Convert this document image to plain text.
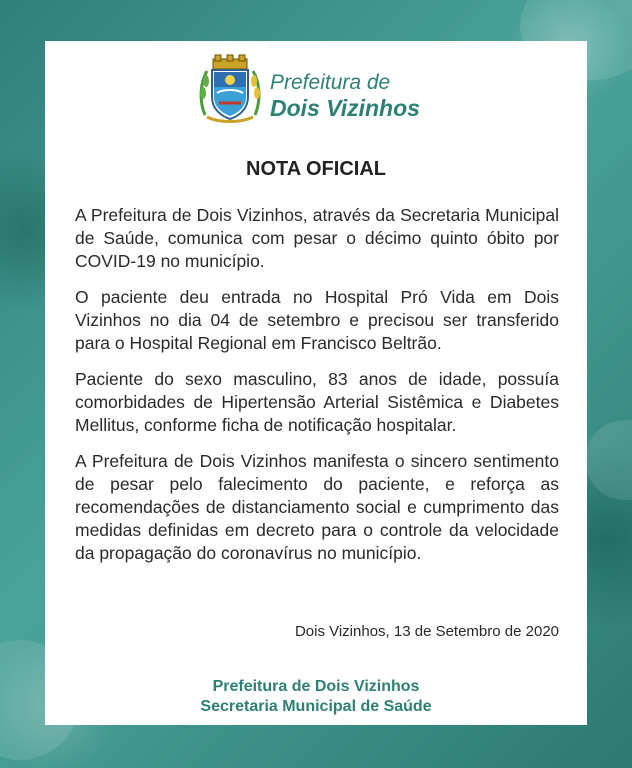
Prefeitura de
Dois Vizinhos
NOTA OFICIAL

A Prefeitura de Dois Vizinhos, através da Secretaria Municipal de Saúde, comunica com pesar o décimo quinto óbito por COVID-19 no município.

O paciente deu entrada no Hospital Pró Vida em Dois Vizinhos no dia 04 de setembro e precisou ser transferido para o Hospital Regional em Francisco Beltrão.

Paciente do sexo masculino, 83 anos de idade, possuía comorbidades de Hipertensão Arterial Sistêmica e Diabetes Mellitus, conforme ficha de notificação hospitalar.

A Prefeitura de Dois Vizinhos manifesta o sincero sentimento de pesar pelo falecimento do paciente, e reforça as recomendações de distanciamento social e cumprimento das medidas definidas em decreto para o controle da velocidade da propagação do coronavírus no município.

Dois Vizinhos, 13 de Setembro de 2020
Prefeitura de Dois Vizinhos
Secretaria Municipal de Saúde
